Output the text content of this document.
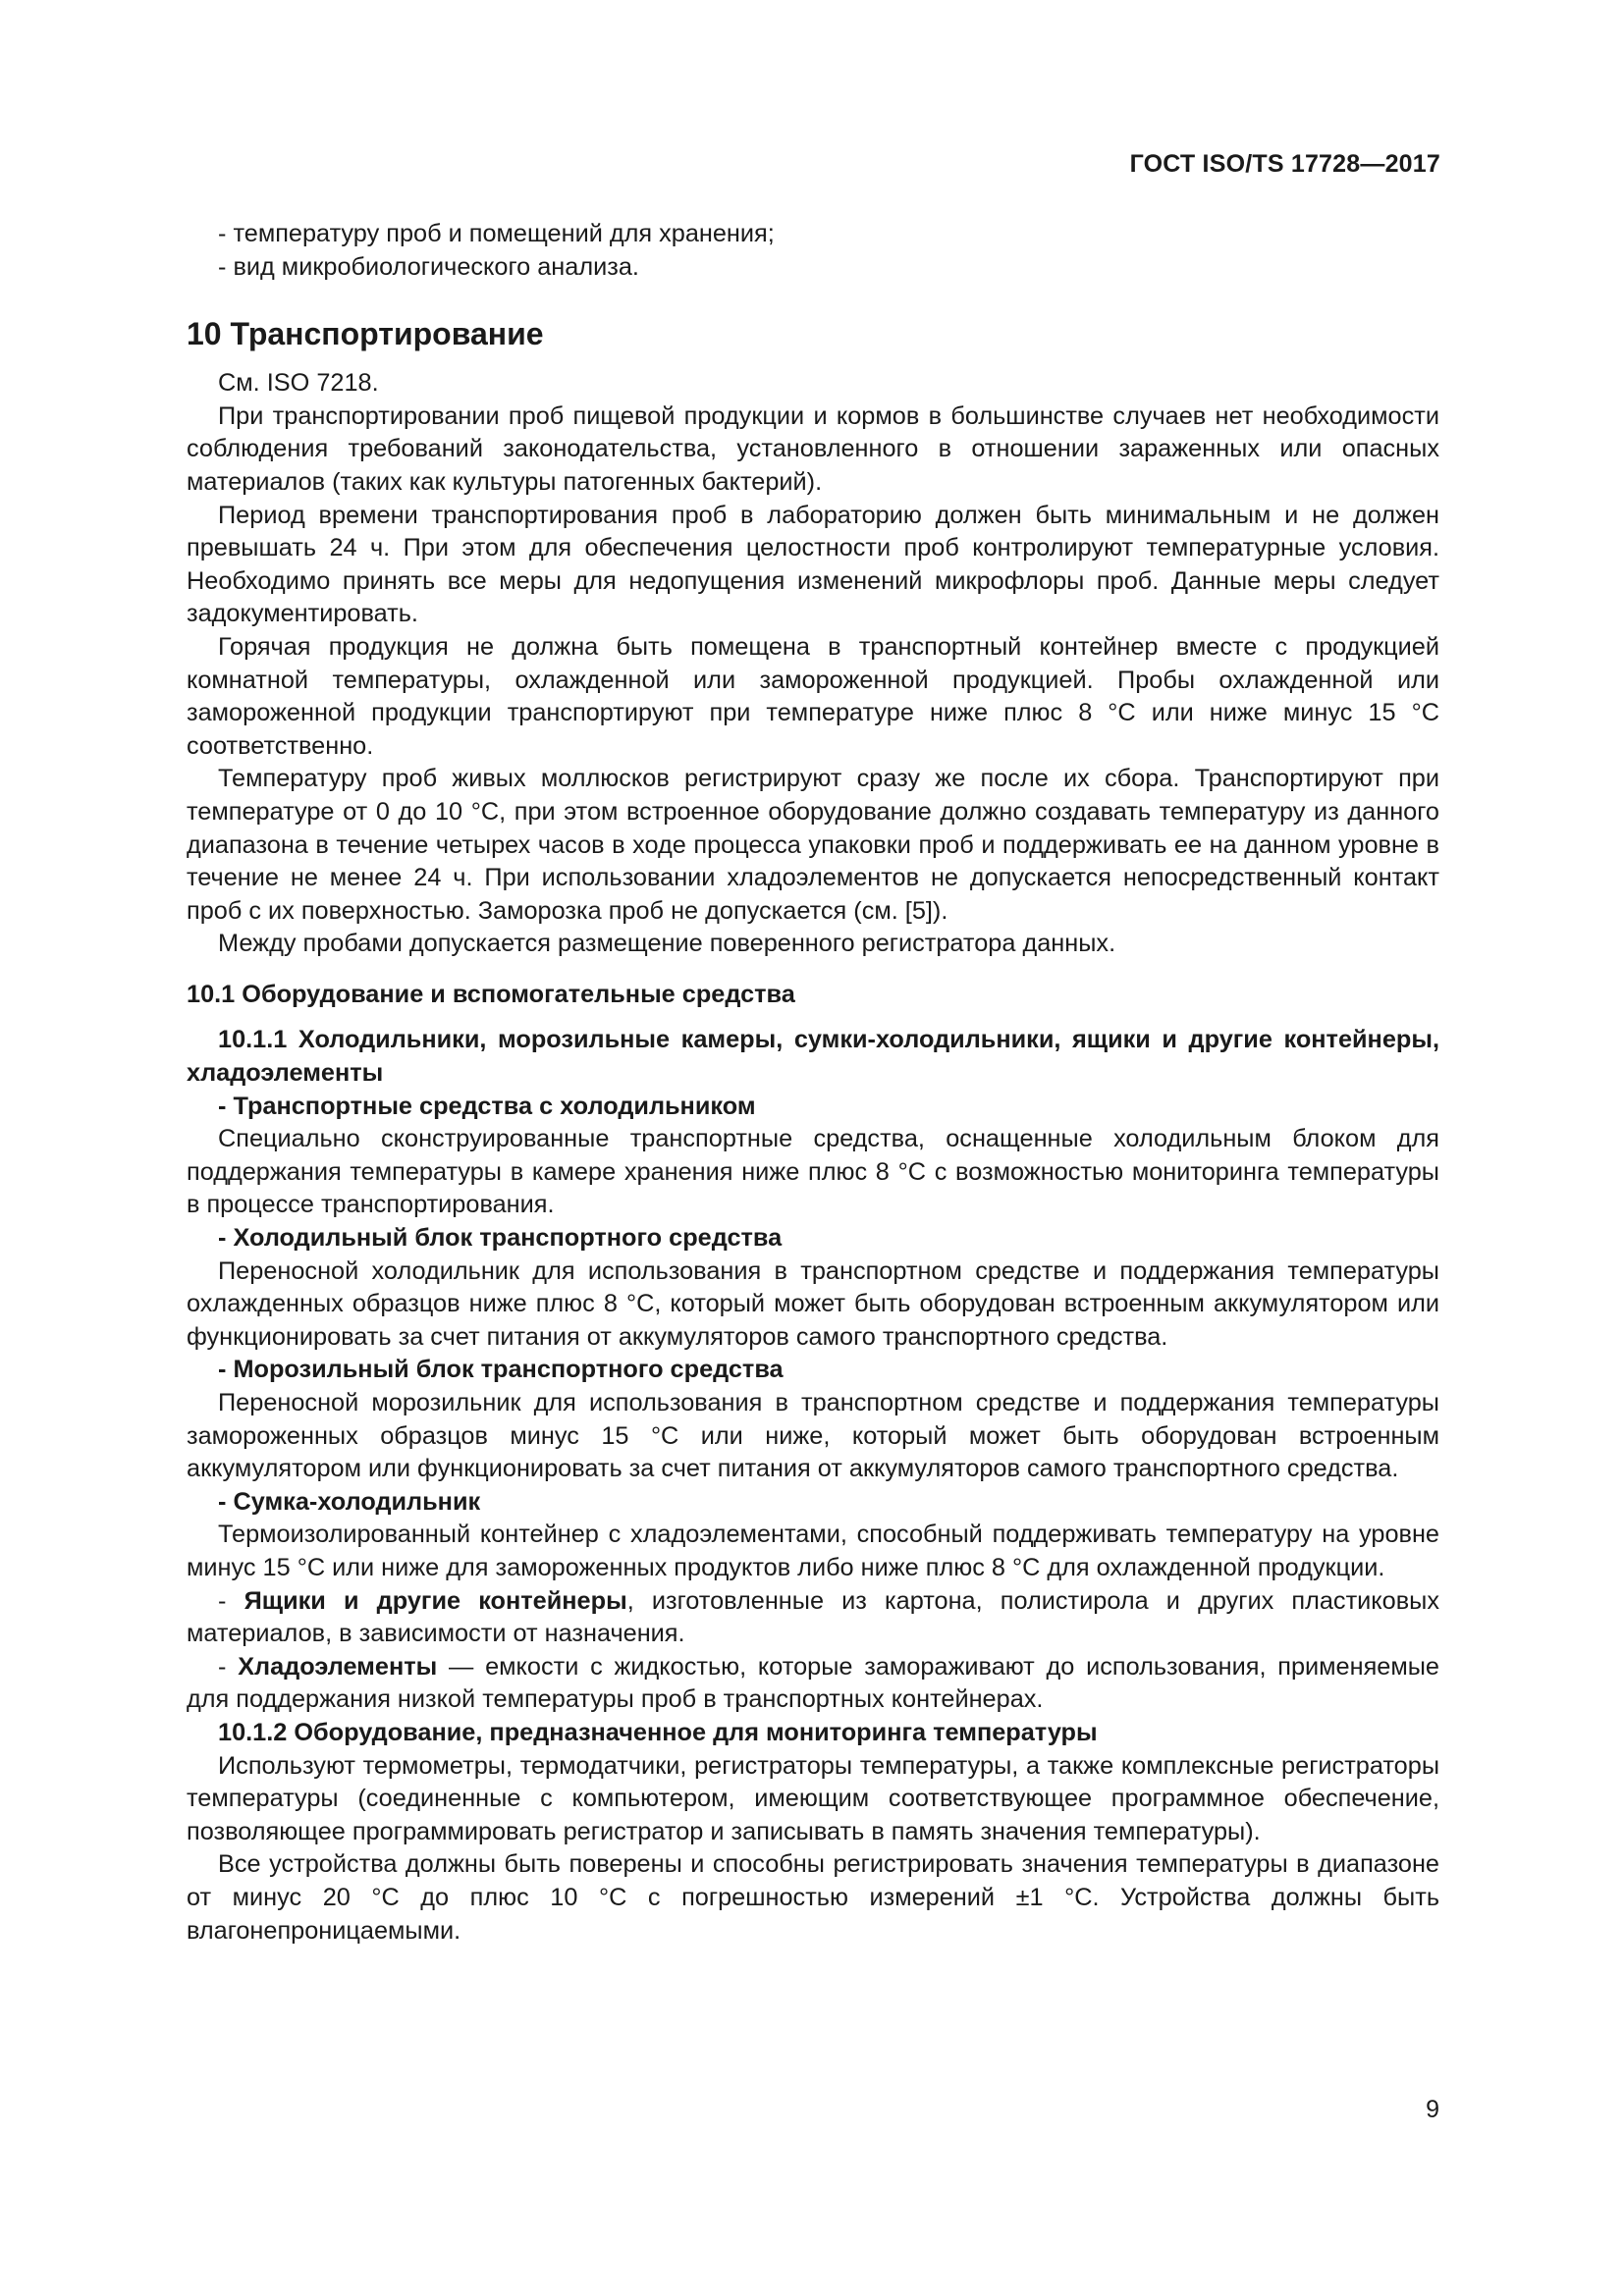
ГОСТ ISO/TS 17728—2017

- температуру проб и помещений для хранения;

- вид микробиологического анализа.

10 Транспортирование

См. ISO 7218.

При транспортировании проб пищевой продукции и кормов в большинстве случаев нет необходимости соблюдения требований законодательства, установленного в отношении зараженных или опасных материалов (таких как культуры патогенных бактерий).

Период времени транспортирования проб в лабораторию должен быть минимальным и не должен превышать 24 ч. При этом для обеспечения целостности проб контролируют температурные условия. Необходимо принять все меры для недопущения изменений микрофлоры проб. Данные меры следует задокументировать.

Горячая продукция не должна быть помещена в транспортный контейнер вместе с продукцией комнатной температуры, охлажденной или замороженной продукцией. Пробы охлажденной или замороженной продукции транспортируют при температуре ниже плюс 8 °С или ниже минус 15 °С соответственно.

Температуру проб живых моллюсков регистрируют сразу же после их сбора. Транспортируют при температуре от 0 до 10 °С, при этом встроенное оборудование должно создавать температуру из данного диапазона в течение четырех часов в ходе процесса упаковки проб и поддерживать ее на данном уровне в течение не менее 24 ч. При использовании хладоэлементов не допускается непосредственный контакт проб с их поверхностью. Заморозка проб не допускается (см. [5]).

Между пробами допускается размещение поверенного регистратора данных.

10.1 Оборудование и вспомогательные средства

10.1.1 Холодильники, морозильные камеры, сумки-холодильники, ящики и другие контейнеры, хладоэлементы

- Транспортные средства с холодильником

Специально сконструированные транспортные средства, оснащенные холодильным блоком для поддержания температуры в камере хранения ниже плюс 8 °С с возможностью мониторинга температуры в процессе транспортирования.

- Холодильный блок транспортного средства

Переносной холодильник для использования в транспортном средстве и поддержания температуры охлажденных образцов ниже плюс 8 °С, который может быть оборудован встроенным аккумулятором или функционировать за счет питания от аккумуляторов самого транспортного средства.

- Морозильный блок транспортного средства

Переносной морозильник для использования в транспортном средстве и поддержания температуры замороженных образцов минус 15 °С или ниже, который может быть оборудован встроенным аккумулятором или функционировать за счет питания от аккумуляторов самого транспортного средства.

- Сумка-холодильник

Термоизолированный контейнер с хладоэлементами, способный поддерживать температуру на уровне минус 15 °С или ниже для замороженных продуктов либо ниже плюс 8 °С для охлажденной продукции.

- Ящики и другие контейнеры, изготовленные из картона, полистирола и других пластиковых материалов, в зависимости от назначения.

- Хладоэлементы — емкости с жидкостью, которые замораживают до использования, применяемые для поддержания низкой температуры проб в транспортных контейнерах.

10.1.2 Оборудование, предназначенное для мониторинга температуры

Используют термометры, термодатчики, регистраторы температуры, а также комплексные регистраторы температуры (соединенные с компьютером, имеющим соответствующее программное обеспечение, позволяющее программировать регистратор и записывать в память значения температуры).

Все устройства должны быть поверены и способны регистрировать значения температуры в диапазоне от минус 20 °С до плюс 10 °С с погрешностью измерений ±1 °С. Устройства должны быть влагонепроницаемыми.

9
